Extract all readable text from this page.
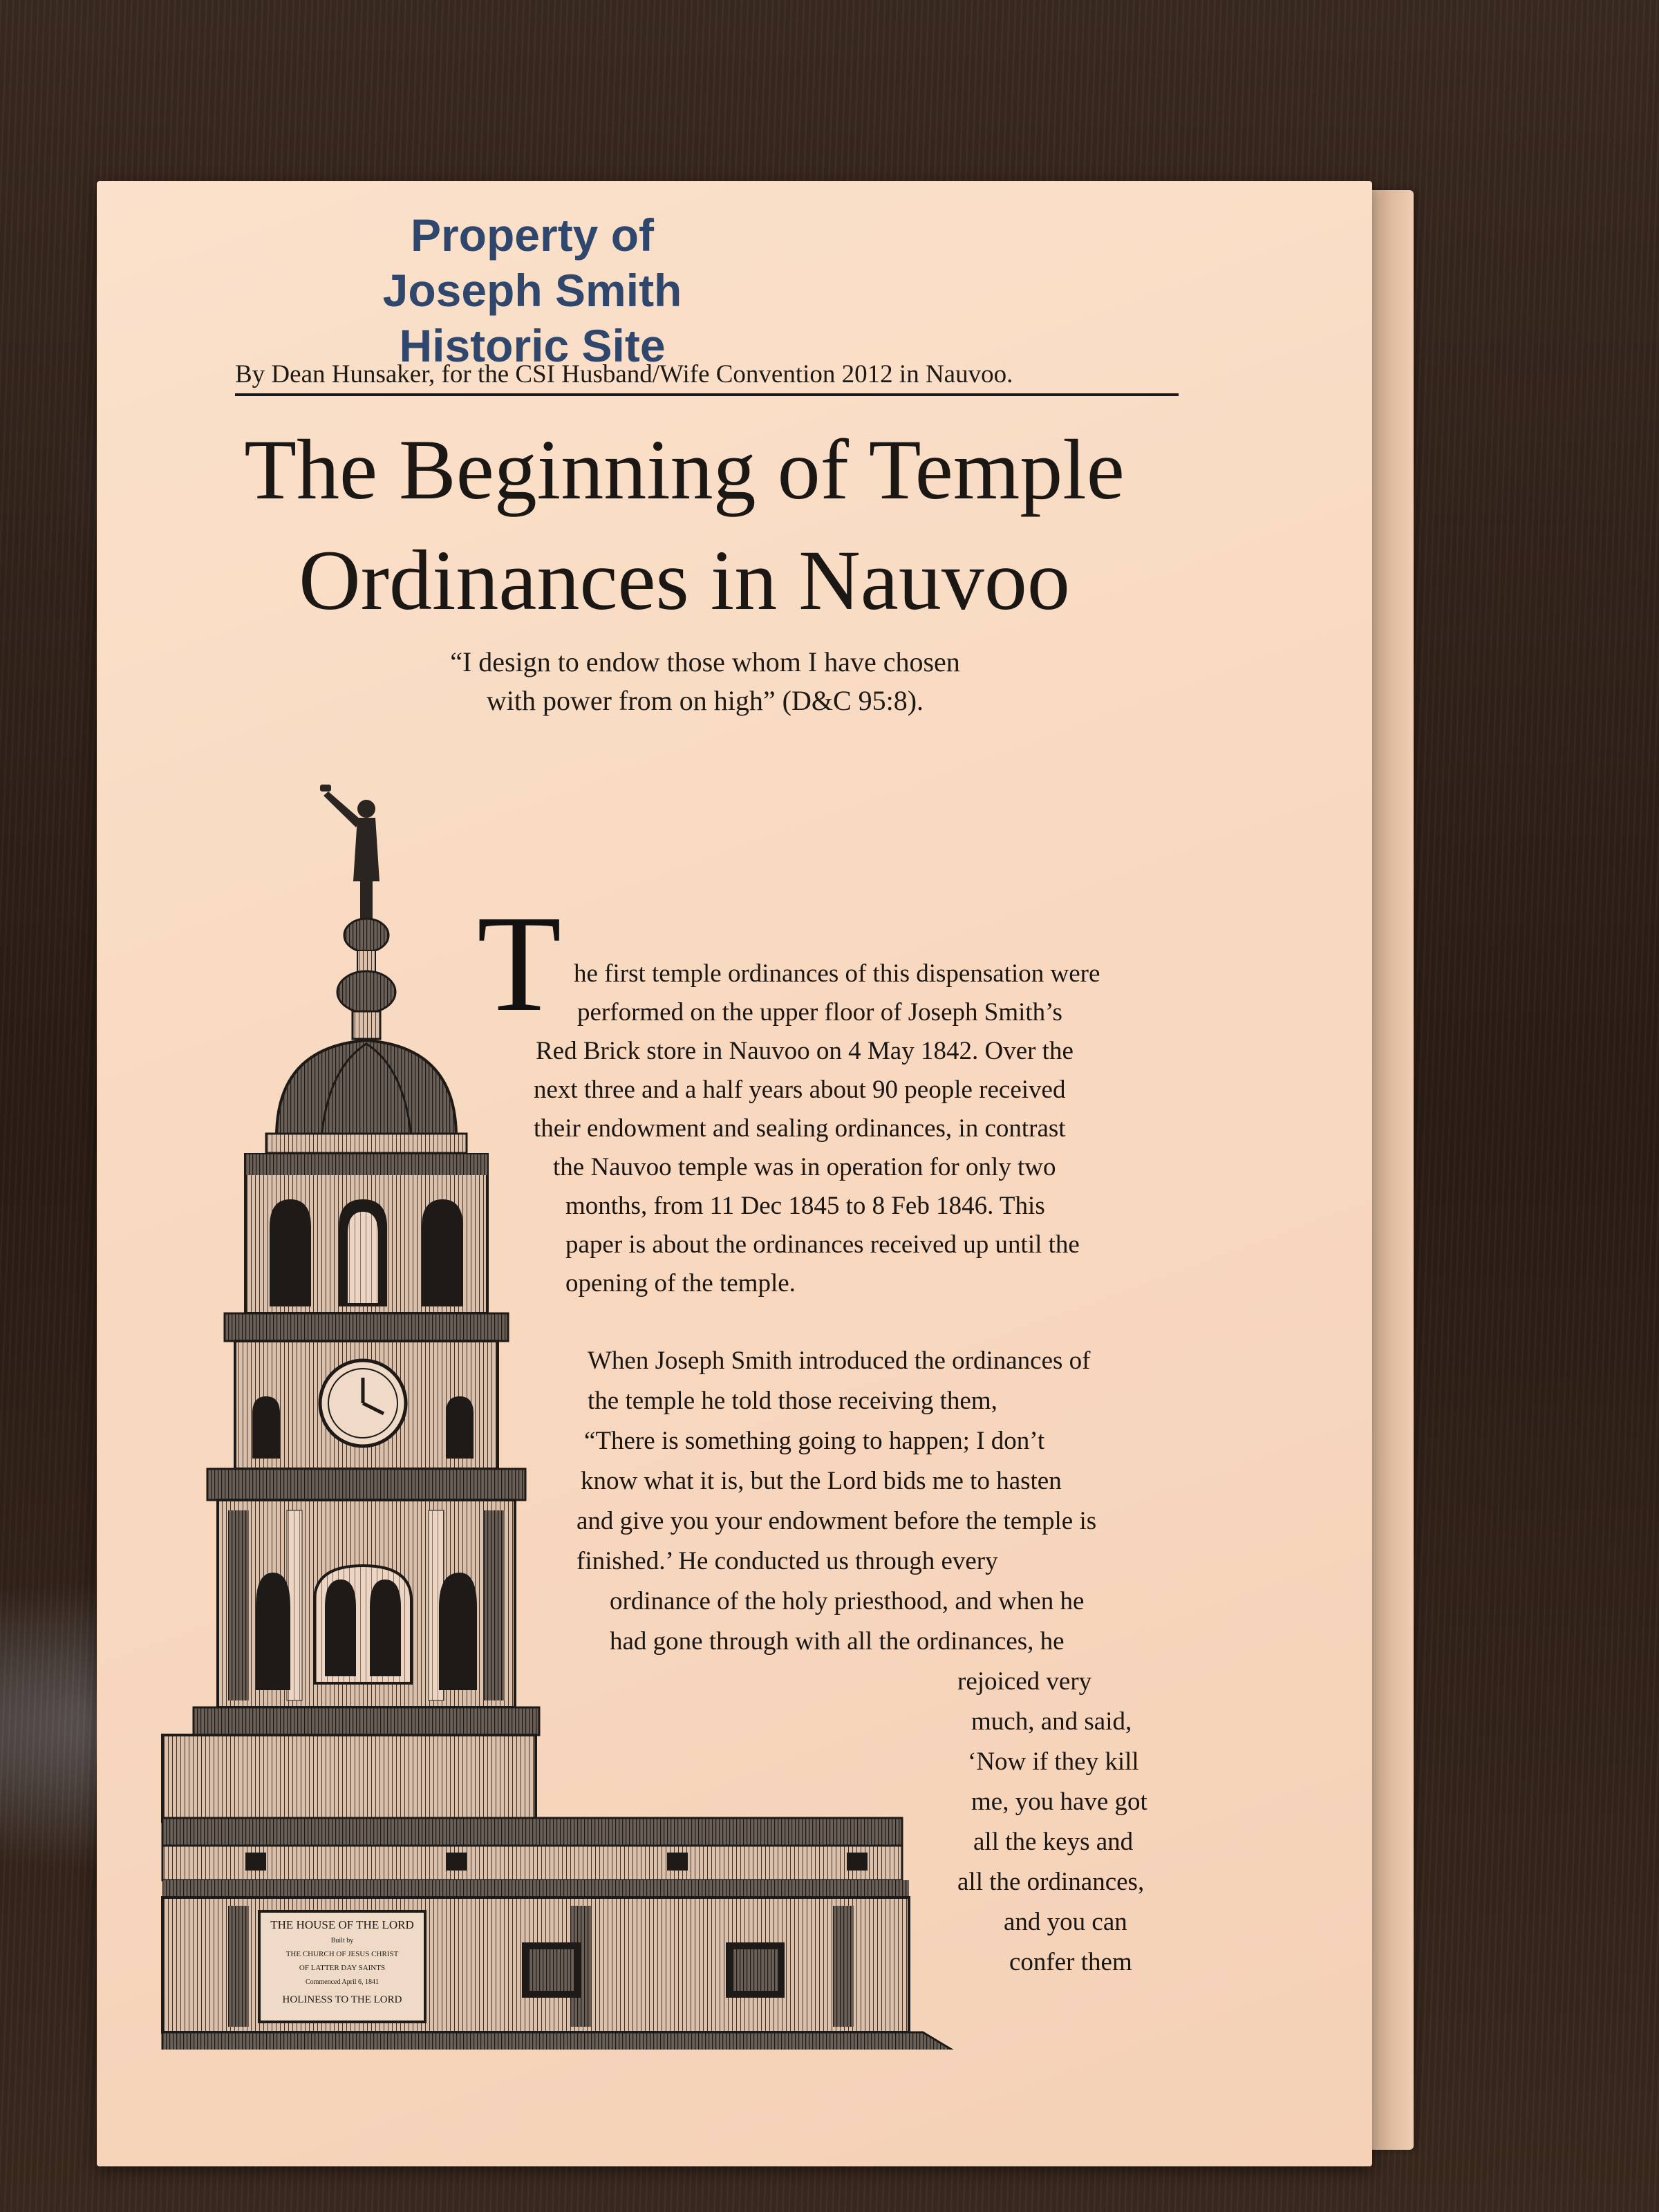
Property of
Joseph Smith
Historic Site
By Dean Hunsaker, for the CSI Husband/Wife Convention 2012 in Nauvoo.
The Beginning of Temple
Ordinances in Nauvoo
“I design to endow those whom I have chosen
with power from on high” (D&C 95:8).
THE HOUSE OF THE LORD
Built by
THE CHURCH OF JESUS CHRIST
OF LATTER DAY SAINTS
Commenced April 6, 1841
HOLINESS TO THE LORD
T he first temple ordinances of this dispensation were
performed on the upper floor of Joseph Smith’s
Red Brick store in Nauvoo on 4 May 1842. Over the
next three and a half years about 90 people received
their endowment and sealing ordinances, in contrast
the Nauvoo temple was in operation for only two
months, from 11 Dec 1845 to 8 Feb 1846. This
paper is about the ordinances received up until the
opening of the temple.
When Joseph Smith introduced the ordinances of
the temple he told those receiving them,
“There is something going to happen; I don’t
know what it is, but the Lord bids me to hasten
and give you your endowment before the temple is
finished.’ He conducted us through every
ordinance of the holy priesthood, and when he
had gone through with all the ordinances, he
rejoiced very
much, and said,
‘Now if they kill
me, you have got
all the keys and
all the ordinances,
and you can
confer them
